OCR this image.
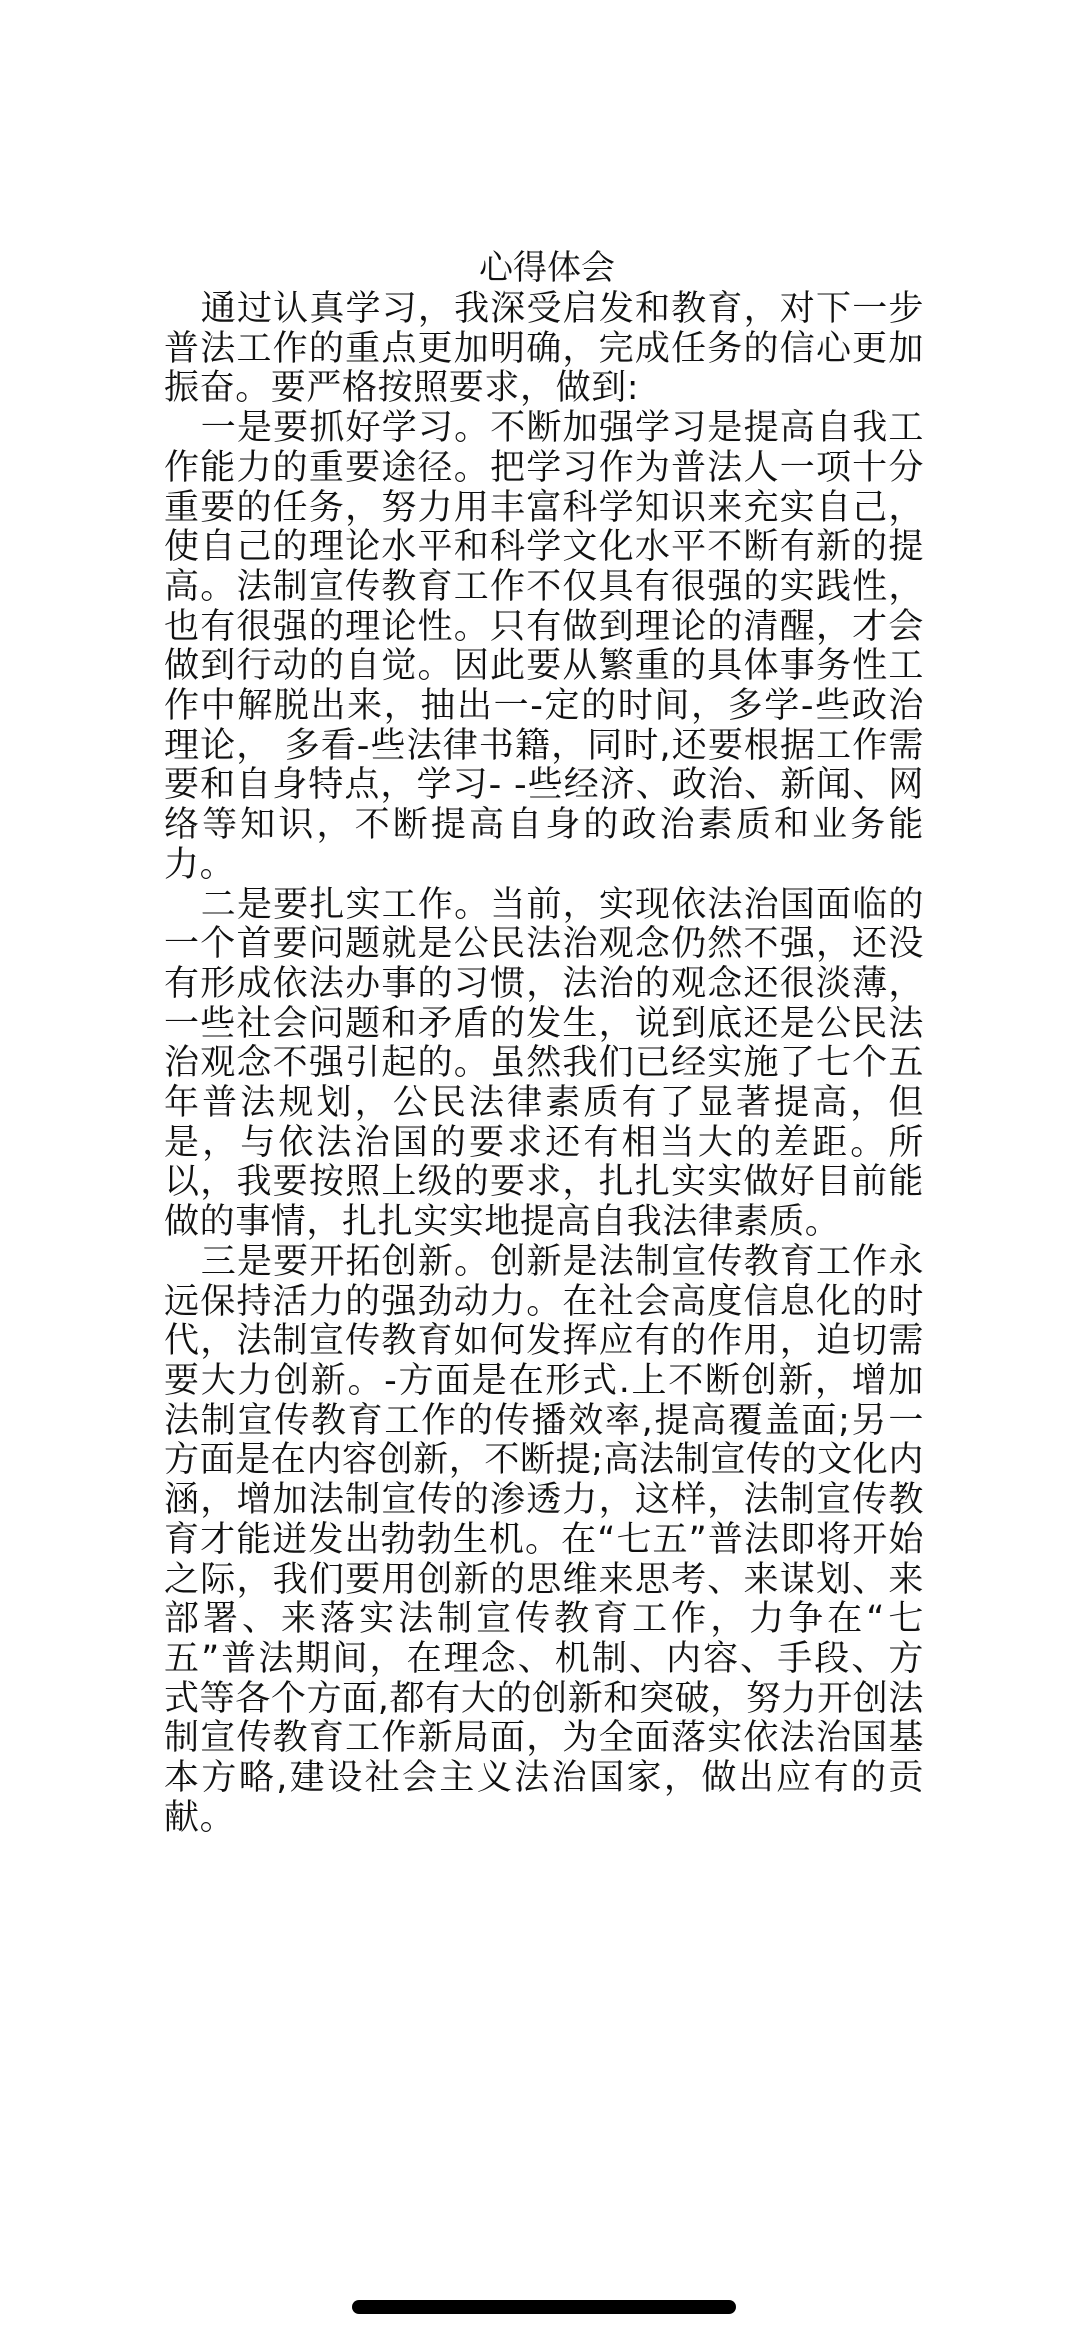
心得体会

通过认真学习，我深受启发和教育，对下一步普法工作的重点更加明确，完成任务的信心更加振奋。要严格按照要求，做到:

一是要抓好学习。不断加强学习是提高自我工作能力的重要途径。把学习作为普法人一项十分重要的任务，努力用丰富科学知识来充实自己，使自己的理论水平和科学文化水平不断有新的提高。法制宣传教育工作不仅具有很强的实践性，也有很强的理论性。只有做到理论的清醒，才会做到行动的自觉。因此要从繁重的具体事务性工作中解脱出来，抽出一-定的时间，多学-些政治理论， 多看-些法律书籍，同时,还要根据工作需要和自身特点，学习- -些经济、政治、新闻、网络等知识，不断提高自身的政治素质和业务能力。

二是要扎实工作。当前，实现依法治国面临的一个首要问题就是公民法治观念仍然不强，还没有形成依法办事的习惯，法治的观念还很淡薄，一些社会问题和矛盾的发生，说到底还是公民法治观念不强引起的。虽然我们已经实施了七个五年普法规划，公民法律素质有了显著提高，但是，与依法治国的要求还有相当大的差距。所以，我要按照上级的要求，扎扎实实做好目前能做的事情，扎扎实实地提高自我法律素质。

三是要开拓创新。创新是法制宣传教育工作永远保持活力的强劲动力。在社会高度信息化的时代，法制宣传教育如何发挥应有的作用，迫切需要大力创新。-方面是在形式.上不断创新，增加法制宣传教育工作的传播效率,提高覆盖面;另一方面是在内容创新，不断提;高法制宣传的文化内涵，增加法制宣传的渗透力，这样，法制宣传教育才能迸发出勃勃生机。在“七五”普法即将开始之际，我们要用创新的思维来思考、来谋划、来部署、来落实法制宣传教育工作，力争在“七五”普法期间，在理念、机制、内容、手段、方式等各个方面,都有大的创新和突破，努力开创法制宣传教育工作新局面，为全面落实依法治国基本方略,建设社会主义法治国家，做出应有的贡献。
